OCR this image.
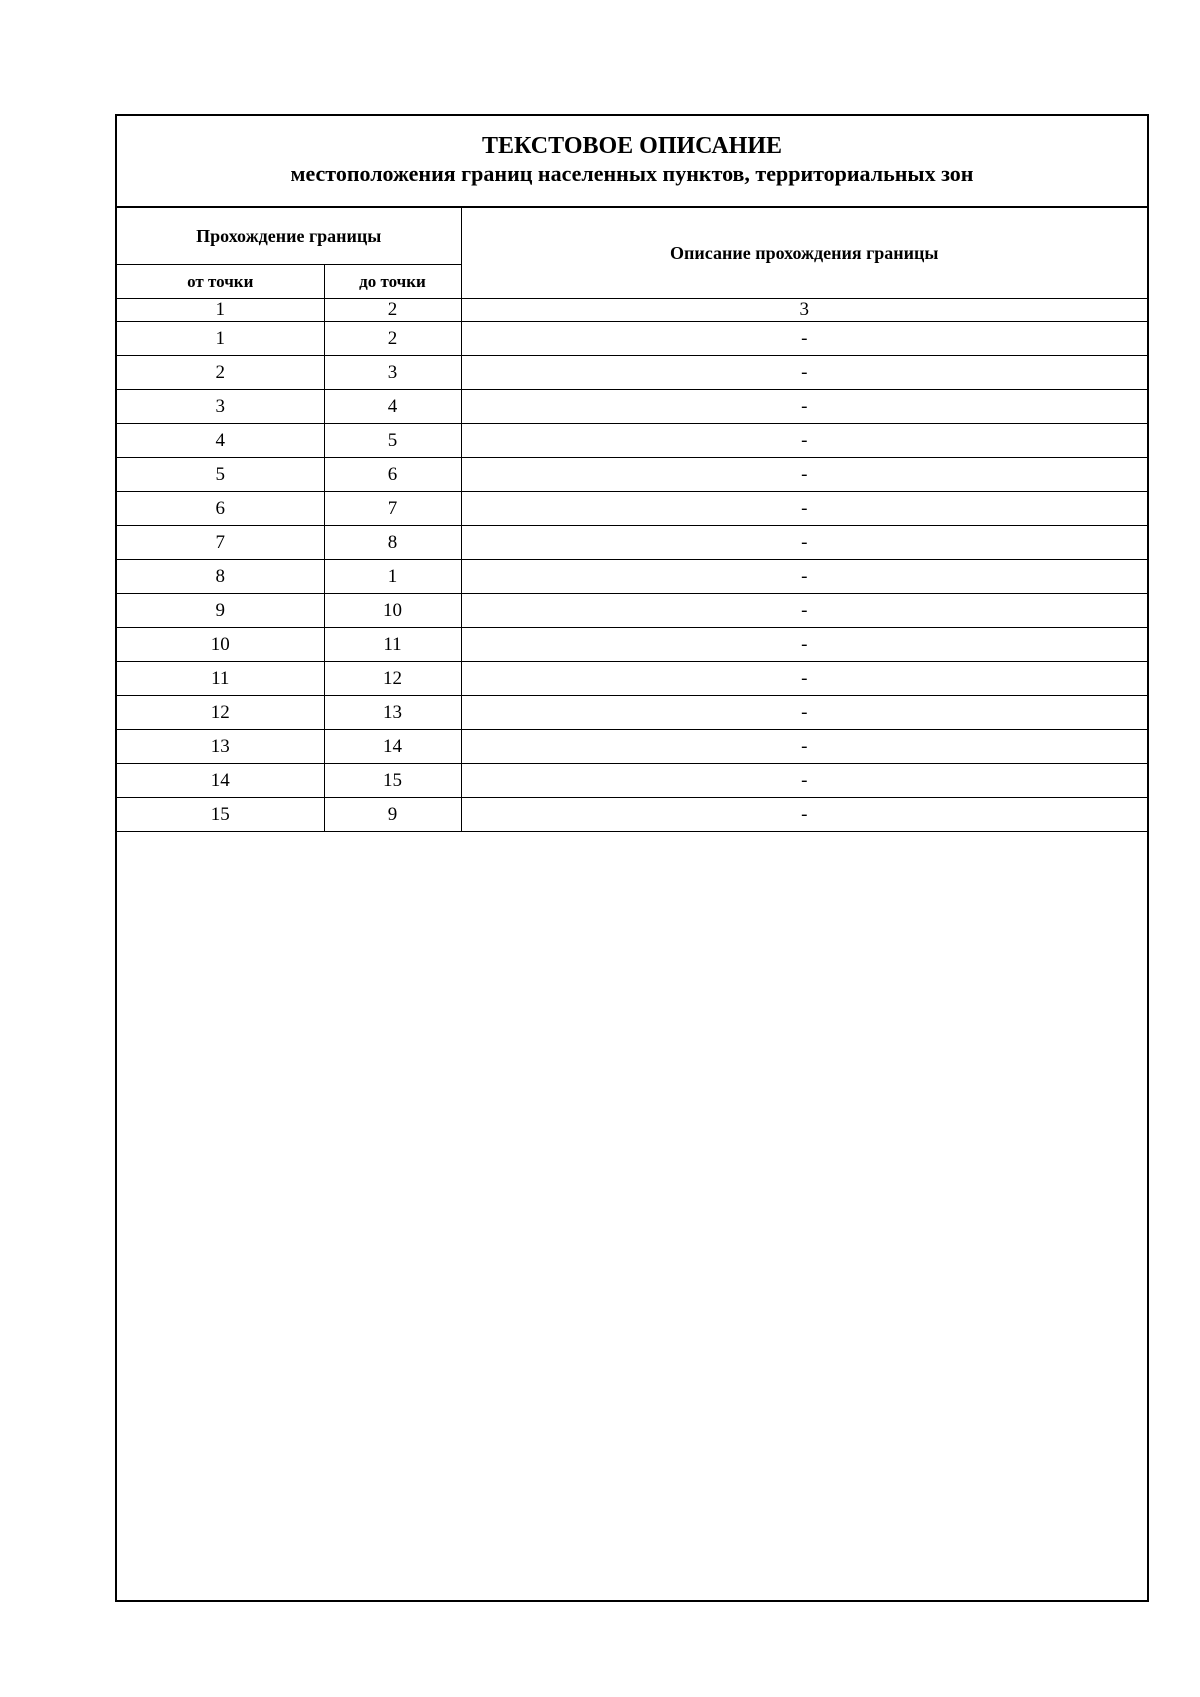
ТЕКСТОВОЕ ОПИСАНИЕ
местоположения границ населенных пунктов, территориальных зон
Прохождение границы		Описание прохождения границы
от точки	до точки	
1	2	3
1	2	-
2	3	-
3	4	-
4	5	-
5	6	-
6	7	-
7	8	-
8	1	-
9	10	-
10	11	-
11	12	-
12	13	-
13	14	-
14	15	-
15	9	-
